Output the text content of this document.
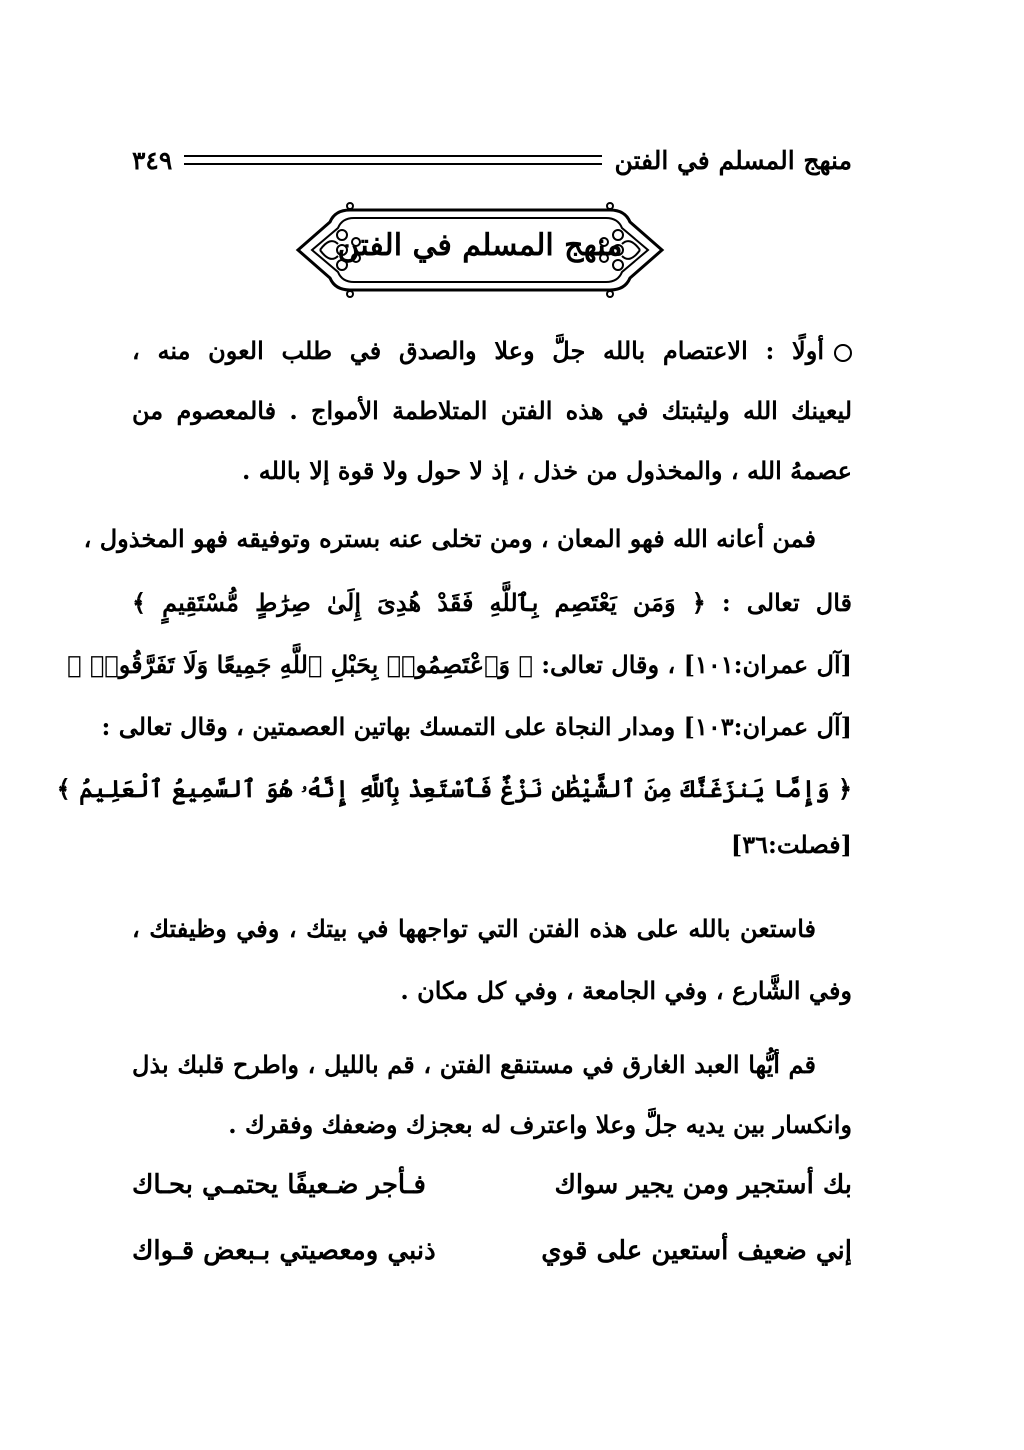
منهج المسلم في الفتن
٣٤٩
منهج المسلم في الفتن
أولًا : الاعتصام بالله جلَّ وعلا والصدق في طلب العون منه ،
ليعينك الله وليثبتك في هذه الفتن المتلاطمة الأمواج . فالمعصوم من
عصمهُ الله ، والمخذول من خذل ، إذ لا حول ولا قوة إلا بالله .
فمن أعانه الله فهو المعان ، ومن تخلى عنه بستره وتوفيقه فهو المخذول ،
قال تعالى : ﴿ وَمَن يَعْتَصِم بِٱللَّهِ فَقَدْ هُدِىَ إِلَىٰ صِرَٰطٍ مُّسْتَقِيمٍ ﴾
[آل عمران:١٠١] ، وقال تعالى: ﴿ وَٱعْتَصِمُوا۟ بِحَبْلِ ٱللَّهِ جَمِيعًا وَلَا تَفَرَّقُوا۟ ﴾
[آل عمران:١٠٣] ومدار النجاة على التمسك بهاتين العصمتين ، وقال تعالى :
﴿ وَإِمَّا يَنزَغَنَّكَ مِنَ ٱلشَّيْطَٰنِ نَزْغٌ فَٱسْتَعِذْ بِٱللَّهِ إِنَّهُۥ هُوَ ٱلسَّمِيعُ ٱلْعَلِيمُ ﴾
[فصلت:٣٦]
فاستعن بالله على هذه الفتن التي تواجهها في بيتك ، وفي وظيفتك ،
وفي الشَّارع ، وفي الجامعة ، وفي كل مكان .
قم أيُّها العبد الغارق في مستنقع الفتن ، قم بالليل ، واطرح قلبك بذل
وانكسار بين يديه جلَّ وعلا واعترف له بعجزك وضعفك وفقرك .
بك أستجير ومن يجير سواك
فـأجر ضـعيفًا يحتمـي بحـاك
إني ضعيف أستعين على قوي
ذنبي ومعصيتي بـبعض قـواك
